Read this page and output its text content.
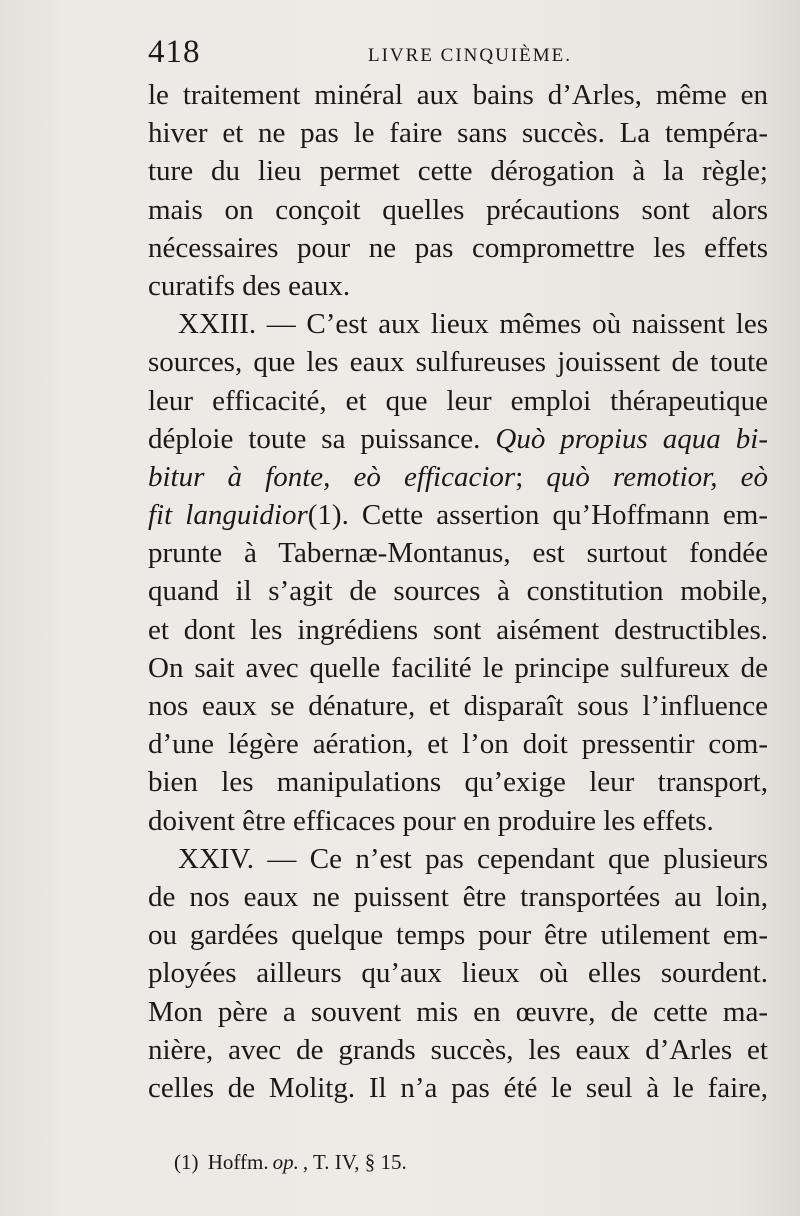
418	LIVRE CINQUIÈME.
le traitement minéral aux bains d’Arles, même en
hiver et ne pas le faire sans succès. La tempéra-
ture du lieu permet cette dérogation à la règle;
mais on conçoit quelles précautions sont alors
nécessaires pour ne pas compromettre les effets
curatifs des eaux.
XXIII. — C’est aux lieux mêmes où naissent les
sources, que les eaux sulfureuses jouissent de toute
leur efficacité, et que leur emploi thérapeutique
déploie toute sa puissance. Quò propius aqua bi-
bitur à fonte, eò efficacior; quò remotior, eò
fit languidior(1). Cette assertion qu’Hoffmann em-
prunte à Tabernæ-Montanus, est surtout fondée
quand il s’agit de sources à constitution mobile,
et dont les ingrédiens sont aisément destructibles.
On sait avec quelle facilité le principe sulfureux de
nos eaux se dénature, et disparaît sous l’influence
d’une légère aération, et l’on doit pressentir com-
bien les manipulations qu’exige leur transport,
doivent être efficaces pour en produire les effets.
XXIV. — Ce n’est pas cependant que plusieurs
de nos eaux ne puissent être transportées au loin,
ou gardées quelque temps pour être utilement em-
ployées ailleurs qu’aux lieux où elles sourdent.
Mon père a souvent mis en œuvre, de cette ma-
nière, avec de grands succès, les eaux d’Arles et
celles de Molitg. Il n’a pas été le seul à le faire,
(1) Hoffm. op. , T. IV, § 15.
